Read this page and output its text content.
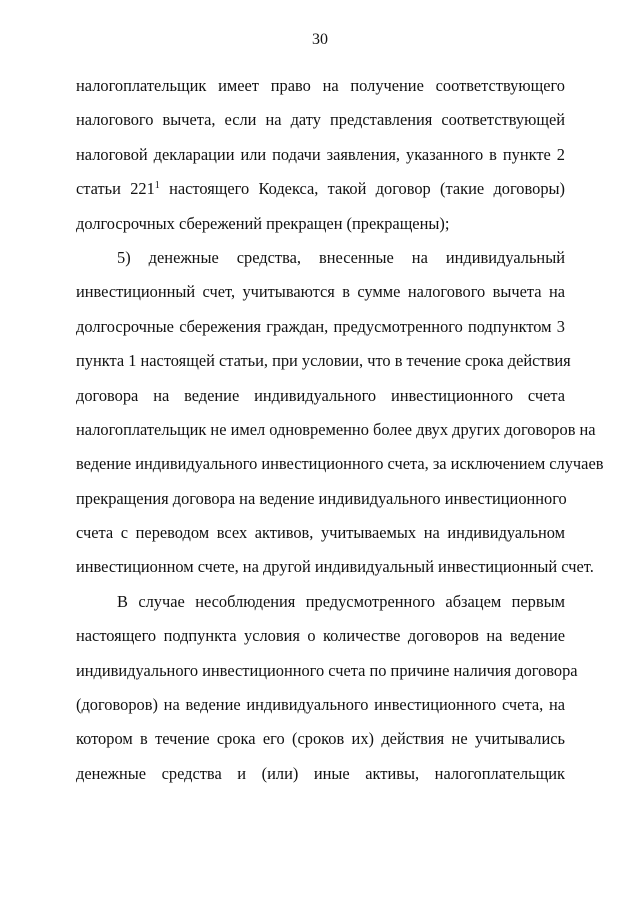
30
налогоплательщик имеет право на получение соответствующего
налогового вычета, если на дату представления соответствующей
налоговой декларации или подачи заявления, указанного в пункте 2
статьи $221^1$ настоящего Кодекса, такой договор (такие договоры)
долгосрочных сбережений прекращен (прекращены);
5) денежные средства, внесенные на индивидуальный
инвестиционный счет, учитываются в сумме налогового вычета на
долгосрочные сбережения граждан, предусмотренного подпунктом 3
пункта 1 настоящей статьи, при условии, что в течение срока действия
договора на ведение индивидуального инвестиционного счета
налогоплательщик не имел одновременно более двух других договоров на
ведение индивидуального инвестиционного счета, за исключением случаев
прекращения договора на ведение индивидуального инвестиционного
счета с переводом всех активов, учитываемых на индивидуальном
инвестиционном счете, на другой индивидуальный инвестиционный счет.
В случае несоблюдения предусмотренного абзацем первым
настоящего подпункта условия о количестве договоров на ведение
индивидуального инвестиционного счета по причине наличия договора
(договоров) на ведение индивидуального инвестиционного счета, на
котором в течение срока его (сроков их) действия не учитывались
денежные средства и (или) иные активы, налогоплательщик
